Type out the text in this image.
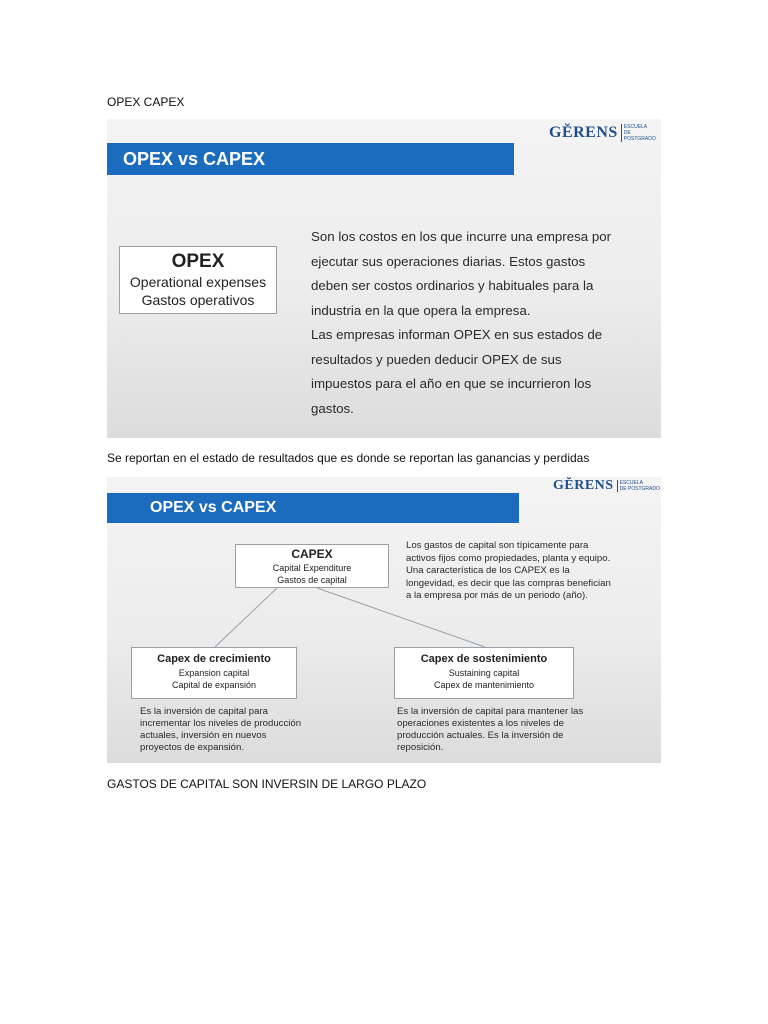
OPEX CAPEX
OPEX vs CAPEX
GĔRENS ESCUELA
DE POSTGRADO
OPEX
Operational expenses
Gastos operativos
Son los costos en los que incurre una empresa por
ejecutar sus operaciones diarias. Estos gastos
deben ser costos ordinarios y habituales para la
industria en la que opera la empresa.
Las empresas informan OPEX en sus estados de
resultados y pueden deducir OPEX de sus
impuestos para el año en que se incurrieron los
gastos.
Se reportan en el estado de resultados que es donde se reportan las ganancias y perdidas
OPEX vs CAPEX
GĔRENS ESCUELA
DE POSTGRADO
CAPEX
Capital Expenditure
Gastos de capital
Los gastos de capital son típicamente para
activos fijos como propiedades, planta y equipo.
Una característica de los CAPEX es la
longevidad, es decir que las compras benefician
a la empresa por más de un periodo (año).
Capex de crecimiento
Expansion capital
Capital de expansión
Capex de sostenimiento
Sustaining capital
Capex de mantenimiento
Es la inversión de capital para
incrementar los niveles de producción
actuales, inversión en nuevos
proyectos de expansión.
Es la inversión de capital para mantener las
operaciones existentes a los niveles de
producción actuales. Es la inversión de
reposición.
GASTOS DE CAPITAL SON INVERSIN DE LARGO PLAZO
